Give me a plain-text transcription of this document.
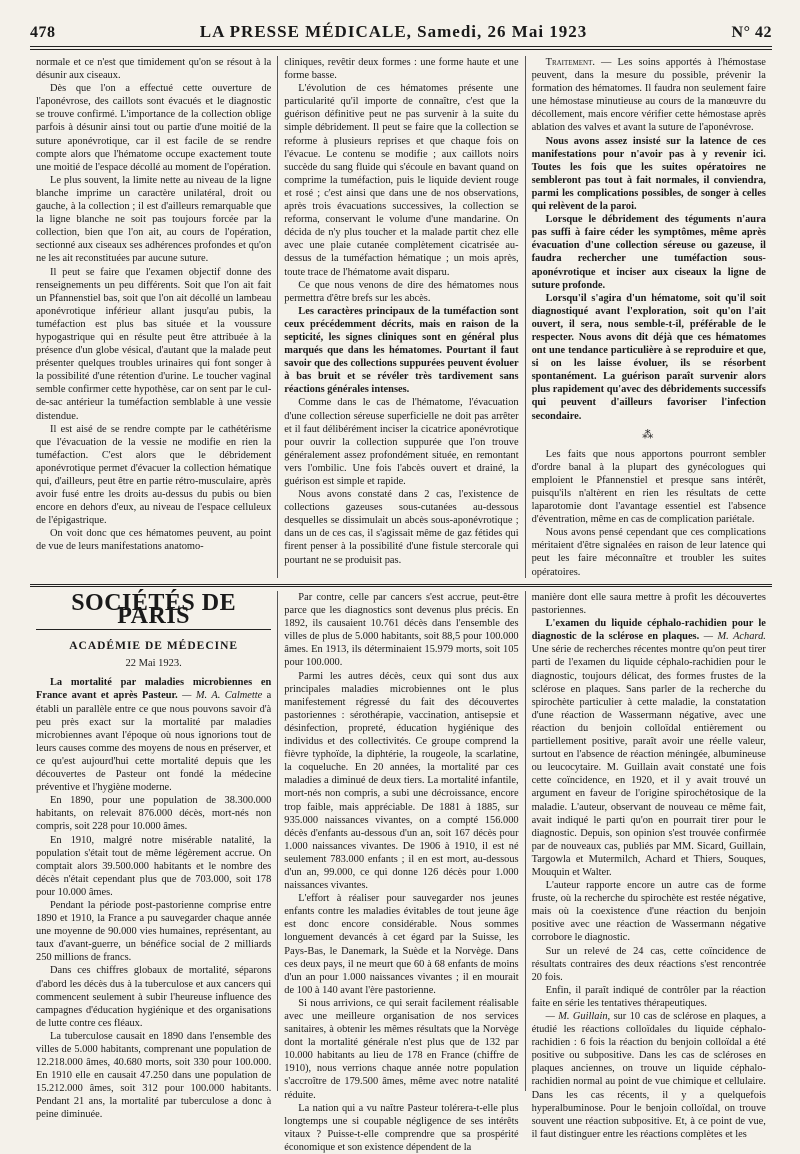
478	LA PRESSE MÉDICALE, Samedi, 26 Mai 1923	N° 42

normale et ce n'est que timidement qu'on se résout à la désunir aux ciseaux.

Dès que l'on a effectué cette ouverture de l'aponévrose, des caillots sont évacués et le diagnostic se trouve confirmé. L'importance de la collection oblige parfois à désunir ainsi tout ou partie d'une moitié de la suture aponévrotique, car il est facile de se rendre compte alors que l'hématome occupe exactement toute une moitié de l'espace décollé au moment de l'opération.

Le plus souvent, la limite nette au niveau de la ligne blanche imprime un caractère unilatéral, droit ou gauche, à la collection ; il est d'ailleurs remarquable que la ligne blanche ne soit pas toujours forcée par la collection, bien que l'on ait, au cours de l'opération, sectionné aux ciseaux ses adhérences profondes et qu'on ne les ait reconstituées par aucune suture.

Il peut se faire que l'examen objectif donne des renseignements un peu différents. Soit que l'on ait fait un Pfannenstiel bas, soit que l'on ait décollé un lambeau aponévrotique inférieur allant jusqu'au pubis, la tuméfaction est plus bas située et la voussure hypogastrique qui en résulte peut être attribuée à la présence d'un globe vésical, d'autant que la malade peut présenter quelques troubles urinaires qui font songer à la possibilité d'une rétention d'urine. Le toucher vaginal semble confirmer cette hypothèse, car on sent par le cul-de-sac antérieur la tuméfaction semblable à une vessie distendue.

Il est aisé de se rendre compte par le cathétérisme que l'évacuation de la vessie ne modifie en rien la tuméfaction. C'est alors que le débridement aponévrotique permet d'évacuer la collection hématique qui, d'ailleurs, peut être en partie rétro-musculaire, après avoir fusé entre les droits au-dessus du pubis ou bien encore en dehors d'eux, au niveau de l'espace celluleux de l'épigastrique.

On voit donc que ces hématomes peuvent, au point de vue de leurs manifestations anatomo-

cliniques, revêtir deux formes : une forme haute et une forme basse.

L'évolution de ces hématomes présente une particularité qu'il importe de connaître, c'est que la guérison définitive peut ne pas survenir à la suite du simple débridement. Il peut se faire que la collection se reforme à plusieurs reprises et que chaque fois on l'évacue. Le contenu se modifie ; aux caillots noirs succède du sang fluide qui s'écoule en bavant quand on comprime la tuméfaction, puis le liquide devient rouge et rosé ; c'est ainsi que dans une de nos observations, après trois évacuations successives, la collection se reforma, conservant le volume d'une mandarine. On décida de n'y plus toucher et la malade partit chez elle avec une plaie cutanée complètement cicatrisée au-dessus de la tuméfaction hématique ; un mois après, toute trace de l'hématome avait disparu.

Ce que nous venons de dire des hématomes nous permettra d'être brefs sur les abcès.

Les caractères principaux de la tuméfaction sont ceux précédemment décrits, mais en raison de la septicité, les signes cliniques sont en général plus marqués que dans les hématomes. Pourtant il faut savoir que des collections suppurées peuvent évoluer à bas bruit et se révéler très tardivement sans réactions générales intenses.

Comme dans le cas de l'hématome, l'évacuation d'une collection séreuse superficielle ne doit pas arrêter et il faut délibérément inciser la cicatrice aponévrotique pour ouvrir la collection suppurée que l'on trouve généralement assez profondément située, en remontant vers l'ombilic. Une fois l'abcès ouvert et drainé, la guérison est simple et rapide.

Nous avons constaté dans 2 cas, l'existence de collections gazeuses sous-cutanées au-dessous desquelles se dissimulait un abcès sous-aponévrotique ; dans un de ces cas, il s'agissait même de gaz fétides qui firent penser à la possibilité d'une fistule stercorale qui pourtant ne se produisit pas.

Traitement. — Les soins apportés à l'hémostase peuvent, dans la mesure du possible, prévenir la formation des hématomes. Il faudra non seulement faire une hémostase minutieuse au cours de la manœuvre du décollement, mais encore vérifier cette hémostase après ablation des valves et avant la suture de l'aponévrose.

Nous avons assez insisté sur la latence de ces manifestations pour n'avoir pas à y revenir ici. Toutes les fois que les suites opératoires ne sembleront pas tout à fait normales, il conviendra, parmi les complications possibles, de songer à celles qui relèvent de la paroi.

Lorsque le débridement des téguments n'aura pas suffi à faire céder les symptômes, même après évacuation d'une collection séreuse ou gazeuse, il faudra rechercher une tuméfaction sous-aponévrotique et inciser aux ciseaux la ligne de suture profonde.

Lorsqu'il s'agira d'un hématome, soit qu'il soit diagnostiqué avant l'exploration, soit qu'on l'ait ouvert, il sera, nous semble-t-il, préférable de le respecter. Nous avons dit déjà que ces hématomes ont une tendance particulière à se reproduire et que, si on les laisse évoluer, ils se résorbent spontanément. La guérison paraît survenir alors plus rapidement qu'avec des débridements successifs qui peuvent d'ailleurs favoriser l'infection secondaire.

⁂

Les faits que nous apportons pourront sembler d'ordre banal à la plupart des gynécologues qui emploient le Pfannenstiel et presque sans intérêt, puisqu'ils n'altèrent en rien les résultats de cette laparotomie dont l'avantage essentiel est l'absence d'éventration, même en cas de complication pariétale.

Nous avons pensé cependant que ces complications méritaient d'être signalées en raison de leur latence qui peut les faire méconnaître et troubler les suites opératoires.

SOCIÉTÉS DE PARIS
ACADÉMIE DE MÉDECINE
22 Mai 1923.

La mortalité par maladies microbiennes en France avant et après Pasteur. — M. A. Calmette a établi un parallèle entre ce que nous pouvons savoir d'à peu près exact sur la mortalité par maladies microbiennes avant l'époque où nous ignorions tout de leurs causes comme des moyens de nous en préserver, et ce qu'est aujourd'hui cette mortalité depuis que les découvertes de Pasteur ont fondé la médecine préventive et l'hygiène moderne.

En 1890, pour une population de 38.300.000 habitants, on relevait 876.000 décès, mort-nés non compris, soit 228 pour 10.000 âmes.

En 1910, malgré notre misérable natalité, la population s'était tout de même légèrement accrue. On comptait alors 39.500.000 habitants et le nombre des décès n'était cependant plus que de 703.000, soit 178 pour 10.000 âmes.

Pendant la période post-pastorienne comprise entre 1890 et 1910, la France a pu sauvegarder chaque année une moyenne de 90.000 vies humaines, représentant, au taux d'avant-guerre, un bénéfice social de 2 milliards 250 millions de francs.

Dans ces chiffres globaux de mortalité, séparons d'abord les décès dus à la tuberculose et aux cancers qui commencent seulement à subir l'heureuse influence des campagnes d'éducation hygiénique et des organisations de lutte contre ces fléaux.

La tuberculose causait en 1890 dans l'ensemble des villes de 5.000 habitants, comprenant une population de 12.218.000 âmes, 40.680 morts, soit 330 pour 100.000. En 1910 elle en causait 47.250 dans une population de 15.212.000 âmes, soit 312 pour 100.000 habitants. Pendant 21 ans, la mortalité par tuberculose a donc à peine diminuée.

Par contre, celle par cancers s'est accrue, peut-être parce que les diagnostics sont devenus plus précis. En 1892, ils causaient 10.761 décès dans l'ensemble des villes de plus de 5.000 habitants, soit 88,5 pour 100.000 âmes. En 1913, ils déterminaient 15.979 morts, soit 105 pour 100.000.

Parmi les autres décès, ceux qui sont dus aux principales maladies microbiennes ont le plus manifestement régressé du fait des découvertes pastoriennes : sérothérapie, vaccination, antisepsie et désinfection, propreté, éducation hygiénique des individus et des collectivités. Ce groupe comprend la fièvre typhoïde, la diphtérie, la rougeole, la scarlatine, la coqueluche. En 20 années, la mortalité par ces maladies a diminué de deux tiers. La mortalité infantile, mort-nés non compris, a subi une décroissance, encore trop faible, mais appréciable. De 1881 à 1885, sur 935.000 naissances vivantes, on a compté 156.000 décès d'enfants au-dessous d'un an, soit 167 décès pour 1.000 naissances vivantes. De 1906 à 1910, il est né seulement 783.000 enfants ; il en est mort, au-dessous d'un an, 99.000, ce qui donne 126 décès pour 1.000 naissances vivantes.

L'effort à réaliser pour sauvegarder nos jeunes enfants contre les maladies évitables de tout jeune âge est donc encore considérable. Nous sommes longuement devancés à cet égard par la Suisse, les Pays-Bas, le Danemark, la Suède et la Norvège. Dans ces deux pays, il ne meurt que 60 à 68 enfants de moins d'un an pour 1.000 naissances vivantes ; il en mourait de 100 à 140 avant l'ère pastorienne.

Si nous arrivions, ce qui serait facilement réalisable avec une meilleure organisation de nos services sanitaires, à obtenir les mêmes résultats que la Norvège dont la mortalité générale n'est plus que de 132 par 10.000 habitants au lieu de 178 en France (chiffre de 1910), nous verrions chaque année notre population s'accroître de 179.500 âmes, même avec notre natalité réduite.

La nation qui a vu naître Pasteur tolérera-t-elle plus longtemps une si coupable négligence de ses intérêts vitaux ? Puisse-t-elle comprendre que sa prospérité économique et son existence dépendent de la

manière dont elle saura mettre à profit les découvertes pastoriennes.

L'examen du liquide céphalo-rachidien pour le diagnostic de la sclérose en plaques. — M. Achard. Une série de recherches récentes montre qu'on peut tirer parti de l'examen du liquide céphalo-rachidien pour le diagnostic, toujours délicat, des formes frustes de la sclérose en plaques. Sans parler de la recherche du spirochète particulier à cette maladie, la constatation d'une réaction de Wassermann négative, avec une réaction du benjoin colloïdal entièrement ou partiellement positive, paraît avoir une réelle valeur, surtout en l'absence de réaction méningée, albumineuse ou leucocytaire. M. Guillain avait constaté une fois cette coïncidence, en 1920, et il y avait trouvé un argument en faveur de l'origine spirochétosique de la maladie. L'auteur, observant de nouveau ce même fait, avait indiqué le parti qu'on en pourrait tirer pour le diagnostic. Depuis, son opinion s'est trouvée confirmée par de nouveaux cas, publiés par MM. Sicard, Guillain, Targowla et Mutermilch, Achard et Thiers, Souques, Mouquin et Walter.

L'auteur rapporte encore un autre cas de forme fruste, où la recherche du spirochète est restée négative, mais où la coexistence d'une réaction du benjoin positive avec une réaction de Wassermann négative corrobore le diagnostic.

Sur un relevé de 24 cas, cette coïncidence de résultats contraires des deux réactions s'est rencontrée 20 fois.

Enfin, il paraît indiqué de contrôler par la réaction faite en série les tentatives thérapeutiques.

— M. Guillain, sur 10 cas de sclérose en plaques, a étudié les réactions colloïdales du liquide céphalo-rachidien : 6 fois la réaction du benjoin colloïdal a été positive ou subpositive. Dans les cas de scléroses en plaques anciennes, on trouve un liquide céphalo-rachidien normal au point de vue chimique et cellulaire. Dans les cas récents, il y a quelquefois hyperalbuminose. Pour le benjoin colloïdal, on trouve souvent une réaction subpositive. Et, à ce point de vue, il faut distinguer entre les réactions complètes et les
